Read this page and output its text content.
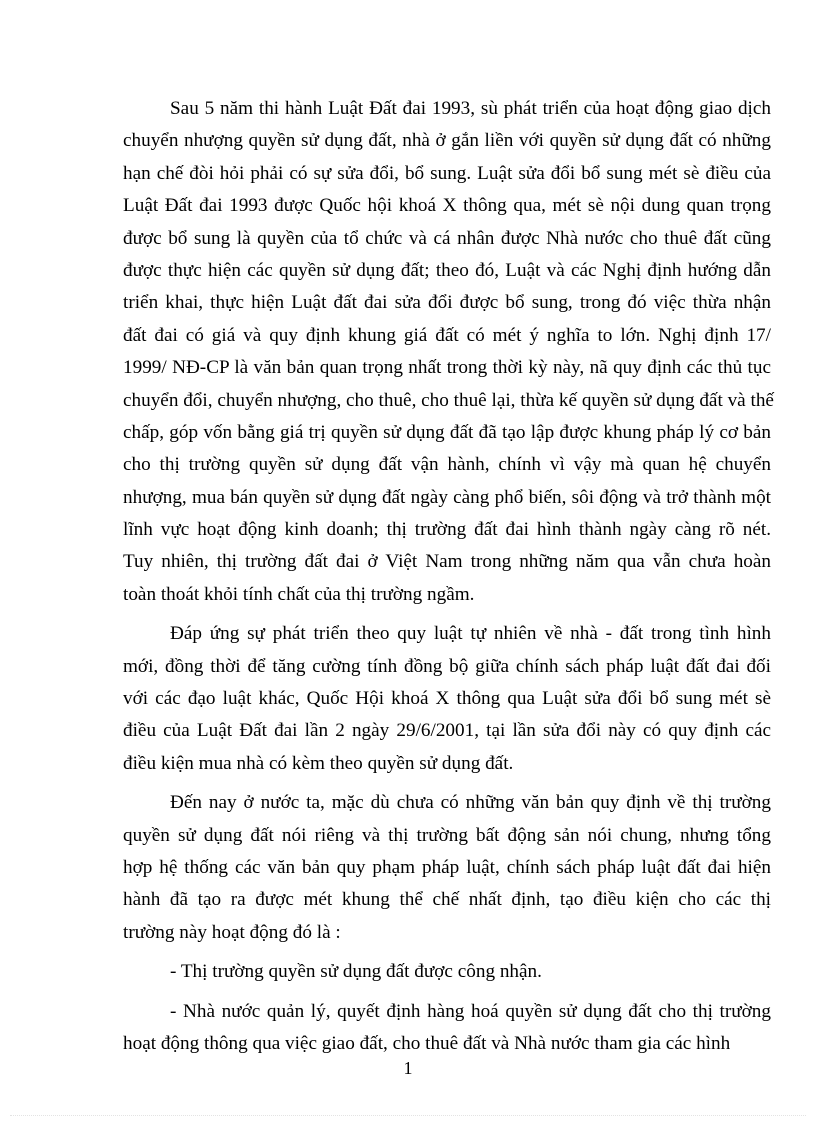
Sau 5 năm thi hành Luật Đất đai 1993, sù phát triển của hoạt động giao dịch
chuyển nhượng quyền sử dụng đất, nhà ở gắn liền với quyền sử dụng đất có những
hạn chế đòi hỏi phải có sự sửa đổi, bổ sung. Luật sửa đổi bổ sung mét sè điều của
Luật Đất đai 1993 được Quốc hội khoá X thông qua, mét sè nội dung quan trọng
được bổ sung là quyền của tổ chức và cá nhân được Nhà nước cho thuê đất cũng
được thực hiện các quyền sử dụng đất; theo đó, Luật và các Nghị định hướng dẫn
triển khai, thực hiện Luật đất đai sửa đổi được bổ sung, trong đó việc thừa nhận
đất đai có giá và quy định khung giá đất có mét ý nghĩa to lớn. Nghị định 17/
1999/ NĐ-CP là văn bản quan trọng nhất trong thời kỳ này, nã quy định các thủ tục
chuyển đổi, chuyển nhượng, cho thuê, cho thuê lại, thừa kế quyền sử dụng đất và thế
chấp, góp vốn bằng giá trị quyền sử dụng đất đã tạo lập được khung pháp lý cơ bản
cho thị trường quyền sử dụng đất vận hành, chính vì vậy mà quan hệ chuyển
nhượng, mua bán quyền sử dụng đất ngày càng phổ biến, sôi động và trở thành một
lĩnh vực hoạt động kinh doanh; thị trường đất đai hình thành ngày càng rõ nét.
Tuy nhiên, thị trường đất đai ở Việt Nam trong những năm qua vẫn chưa hoàn
toàn thoát khỏi tính chất của thị trường ngầm.
Đáp ứng sự phát triển theo quy luật tự nhiên về nhà - đất trong tình hình
mới, đồng thời để tăng cường tính đồng bộ giữa chính sách pháp luật đất đai đối
với các đạo luật khác, Quốc Hội khoá X thông qua Luật sửa đổi bổ sung mét sè
điều của Luật Đất đai lần 2 ngày 29/6/2001, tại lần sửa đổi này có quy định các
điều kiện mua nhà có kèm theo quyền sử dụng đất.
Đến nay ở nước ta, mặc dù chưa có những văn bản quy định về thị trường
quyền sử dụng đất nói riêng và thị trường bất động sản nói chung, nhưng tổng
hợp hệ thống các văn bản quy phạm pháp luật, chính sách pháp luật đất đai hiện
hành đã tạo ra được mét khung thể chế nhất định, tạo điều kiện cho các thị
trường này hoạt động đó là :
- Thị trường quyền sử dụng đất được công nhận.
- Nhà nước quản lý, quyết định hàng hoá quyền sử dụng đất cho thị trường
hoạt động thông qua việc giao đất, cho thuê đất và Nhà nước tham gia các hình
1
